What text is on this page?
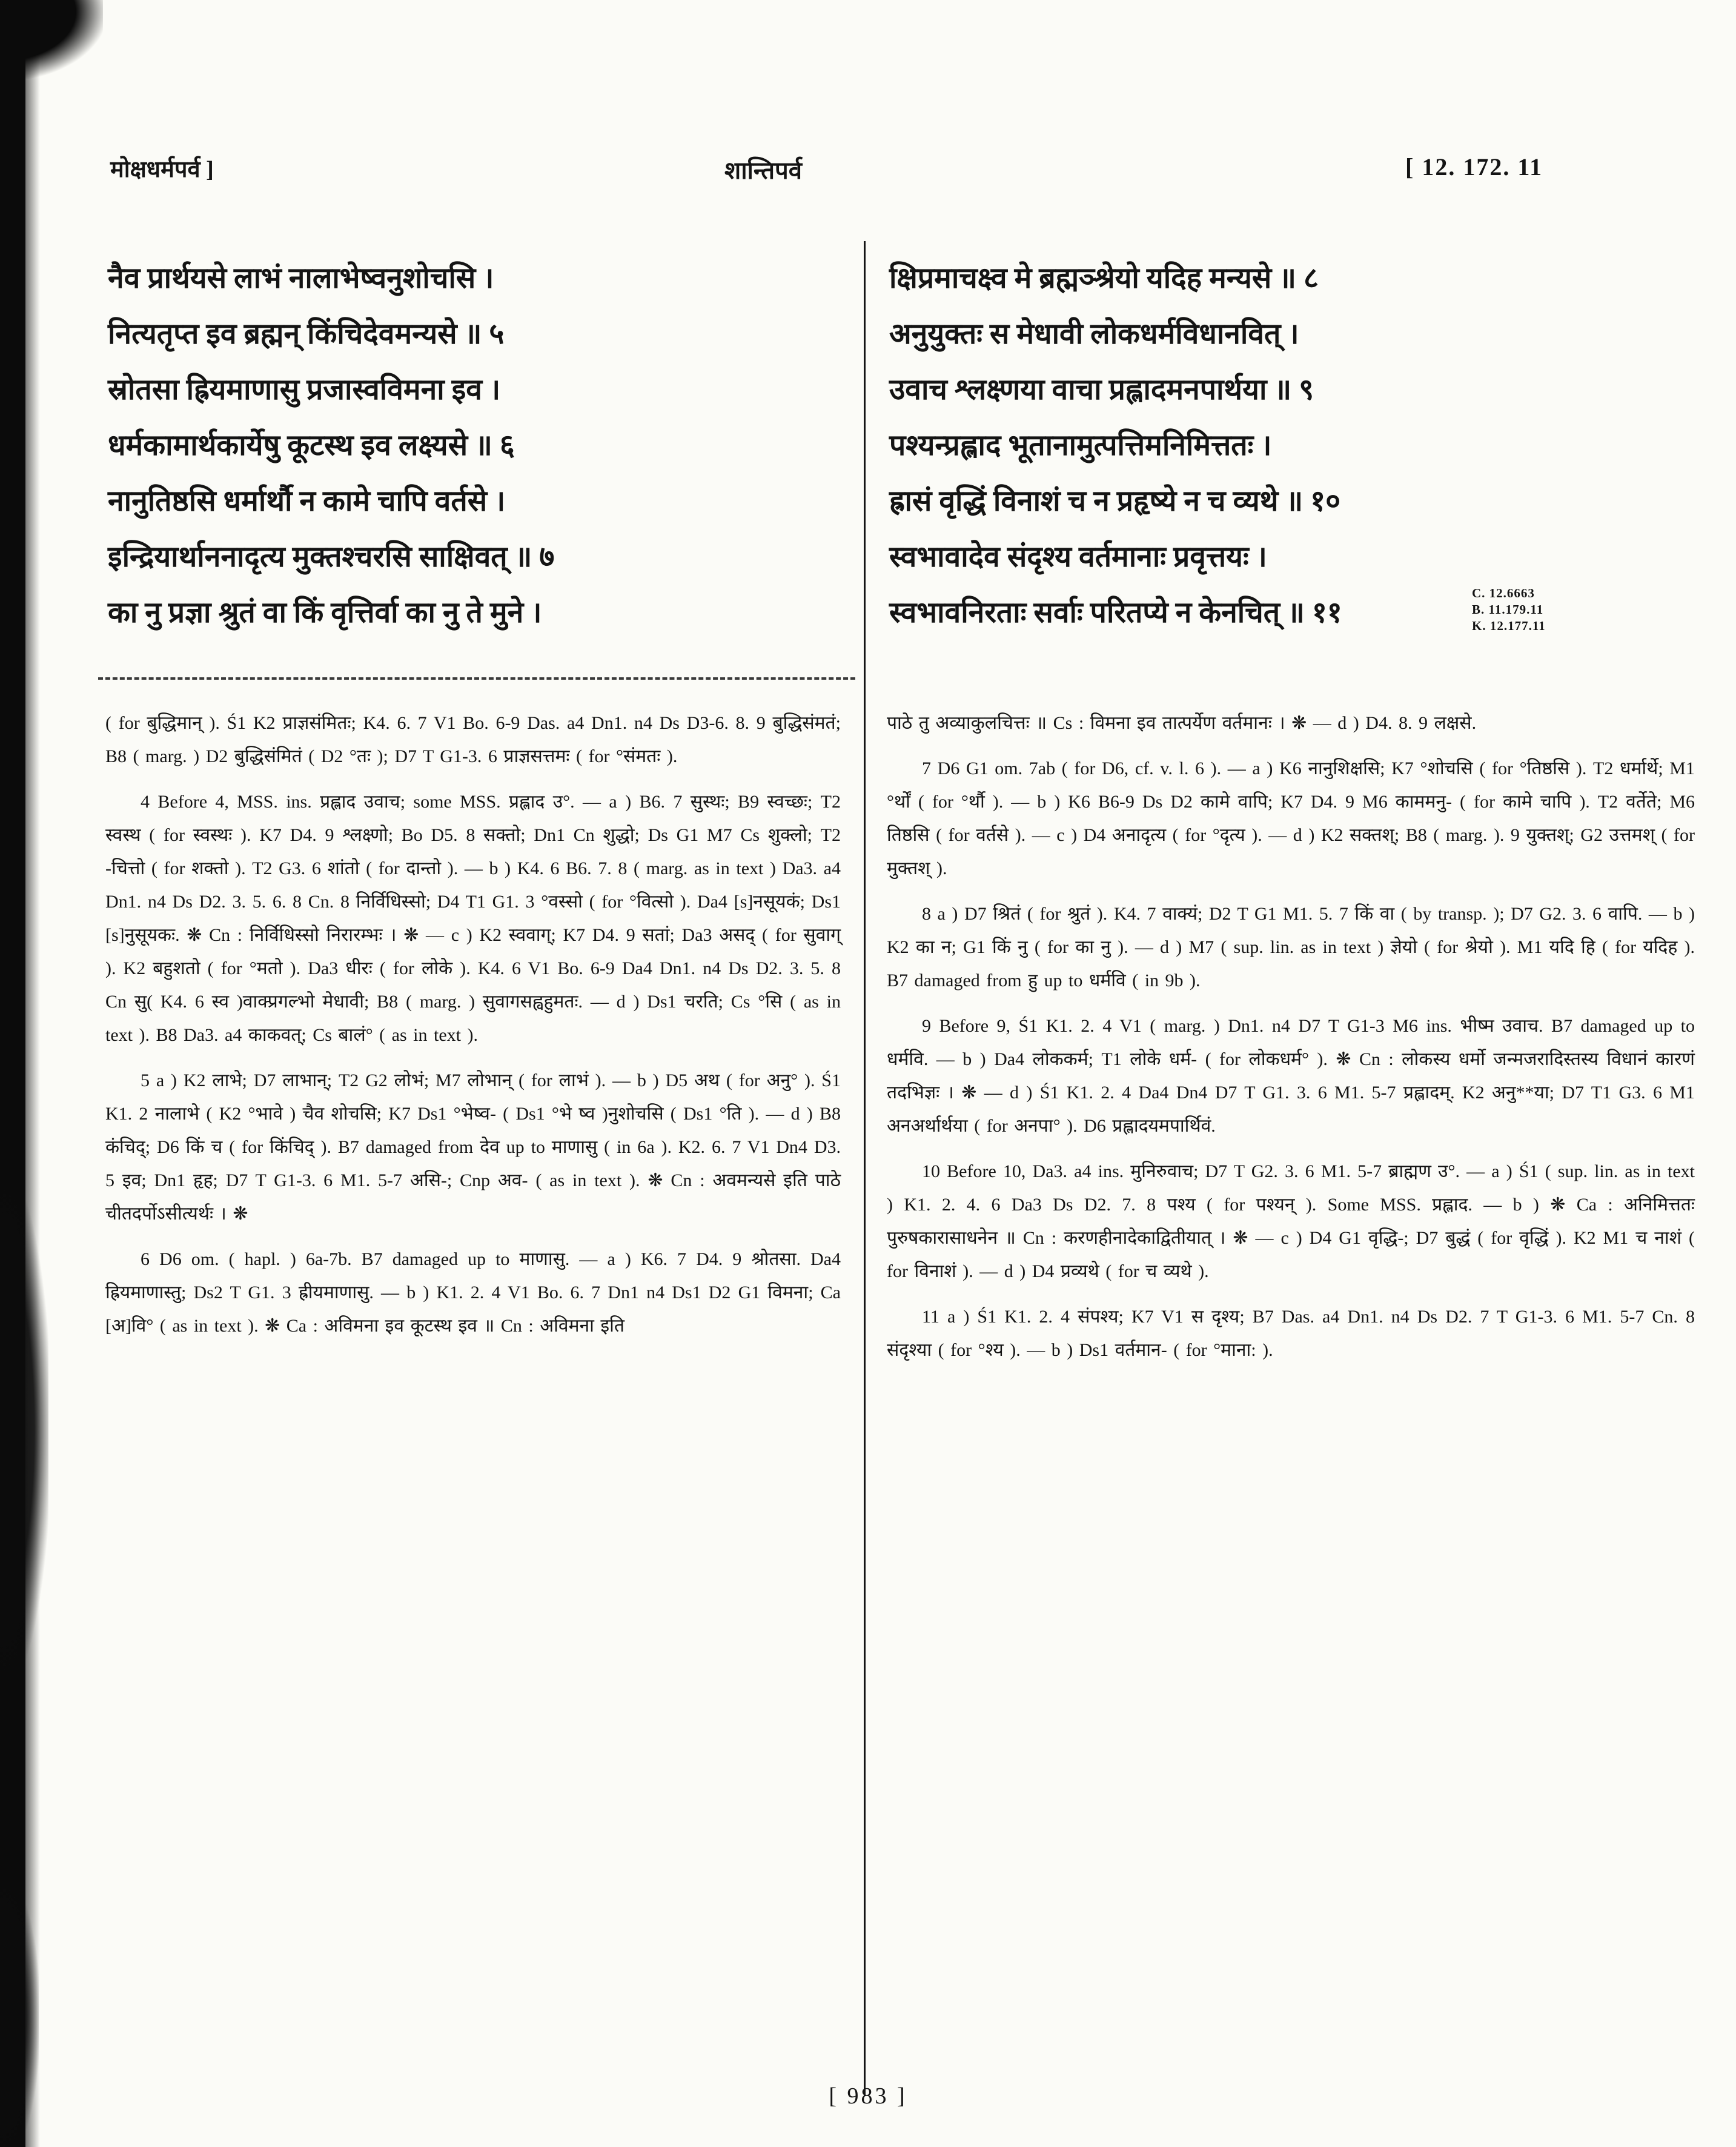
मोक्षधर्मपर्व ]	शान्तिपर्व	[ 12. 172. 11
नैव प्रार्थयसे लाभं नालाभेष्वनुशोचसि ।
नित्यतृप्त इव ब्रह्मन् किंचिदेवमन्यसे ॥ ५
स्रोतसा ह्रियमाणासु प्रजास्वविमना इव ।
धर्मकामार्थकार्येषु कूटस्थ इव लक्ष्यसे ॥ ६
नानुतिष्ठसि धर्मार्थौ न कामे चापि वर्तसे ।
इन्द्रियार्थाननादृत्य मुक्तश्चरसि साक्षिवत् ॥ ७
का नु प्रज्ञा श्रुतं वा किं वृत्तिर्वा का नु ते मुने ।
क्षिप्रमाचक्ष्व मे ब्रह्मञ्श्रेयो यदिह मन्यसे ॥ ८
अनुयुक्तः स मेधावी लोकधर्मविधानवित् ।
उवाच श्लक्ष्णया वाचा प्रह्लादमनपार्थया ॥ ९
पश्यन्प्रह्लाद भूतानामुत्पत्तिमनिमित्ततः ।
ह्रासं वृद्धिं विनाशं च न प्रहृष्ये न च व्यथे ॥ १०
स्वभावादेव संदृश्य वर्तमानाः प्रवृत्तयः ।
स्वभावनिरताः सर्वाः परितप्ये न केनचित् ॥ ११
C. 12.6663
B. 11.179.11
K. 12.177.11

( for बुद्धिमान् ). Ś1 K2 प्राज्ञसंमितः; K4. 6. 7 V1 Bo. 6-9 Das. a4 Dn1. n4 Ds D3-6. 8. 9 बुद्धिसंमतं; B8 ( marg. ) D2 बुद्धिसंमितं ( D2 °तः ); D7 T G1-3. 6 प्राज्ञसत्तमः ( for °संमतः ).

4 Before 4, MSS. ins. प्रह्लाद उवाच; some MSS. प्रह्लाद उ°. — a ) B6. 7 सुस्थः; B9 स्वच्छः; T2 स्वस्थ ( for स्वस्थः ). K7 D4. 9 श्लक्ष्णो; Bo D5. 8 सक्तो; Dn1 Cn शुद्धो; Ds G1 M7 Cs शुक्लो; T2 -चित्तो ( for शक्तो ). T2 G3. 6 शांतो ( for दान्तो ). — b ) K4. 6 B6. 7. 8 ( marg. as in text ) Da3. a4 Dn1. n4 Ds D2. 3. 5. 6. 8 Cn. 8 निर्विधिस्सो; D4 T1 G1. 3 °वस्सो ( for °वित्सो ). Da4 [s]नसूयकं; Ds1 [s]नुसूयकः. ❋ Cn : निर्विधिस्सो निरारम्भः । ❋ — c ) K2 स्ववाग्; K7 D4. 9 सतां; Da3 असद् ( for सुवाग् ). K2 बहुशतो ( for °मतो ). Da3 धीरः ( for लोके ). K4. 6 V1 Bo. 6-9 Da4 Dn1. n4 Ds D2. 3. 5. 8 Cn सु( K4. 6 स्व )वाक्प्रगल्भो मेधावी; B8 ( marg. ) सुवागसह्वहुमतः. — d ) Ds1 चरति; Cs °सि ( as in text ). B8 Da3. a4 काकवत्; Cs बालं° ( as in text ).

5 a ) K2 लाभे; D7 लाभान्; T2 G2 लोभं; M7 लोभान् ( for लाभं ). — b ) D5 अथ ( for अनु° ). Ś1 K1. 2 नालाभे ( K2 °भावे ) चैव शोचसि; K7 Ds1 °भेष्व- ( Ds1 °भे ष्व )नुशोचसि ( Ds1 °ति ). — d ) B8 कंचिद्; D6 किं च ( for किंचिद् ). B7 damaged from देव up to माणासु ( in 6a ). K2. 6. 7 V1 Dn4 D3. 5 इव; Dn1 हृह; D7 T G1-3. 6 M1. 5-7 असि-; Cnp अव- ( as in text ). ❋ Cn : अवमन्यसे इति पाठे चीतदर्पोऽसीत्यर्थः । ❋

6 D6 om. ( hapl. ) 6a-7b. B7 damaged up to माणासु. — a ) K6. 7 D4. 9 श्रोतसा. Da4 ह्रियमाणास्तु; Ds2 T G1. 3 ह्रीयमाणासु. — b ) K1. 2. 4 V1 Bo. 6. 7 Dn1 n4 Ds1 D2 G1 विमना; Ca [अ]वि° ( as in text ). ❋ Ca : अविमना इव कूटस्थ इव ॥ Cn : अविमना इति

पाठे तु अव्याकुलचित्तः ॥ Cs : विमना इव तात्पर्येण वर्तमानः । ❋ — d ) D4. 8. 9 लक्षसे.

7 D6 G1 om. 7ab ( for D6, cf. v. l. 6 ). — a ) K6 नानुशिक्षसि; K7 °शोचसि ( for °तिष्ठसि ). T2 धर्मार्थे; M1 °र्थों ( for °र्थौ ). — b ) K6 B6-9 Ds D2 कामे वापि; K7 D4. 9 M6 काममनु- ( for कामे चापि ). T2 वर्तेते; M6 तिष्ठसि ( for वर्तसे ). — c ) D4 अनादृत्य ( for °दृत्य ). — d ) K2 सक्तश्; B8 ( marg. ). 9 युक्तश्; G2 उत्तमश् ( for मुक्तश् ).

8 a ) D7 श्रितं ( for श्रुतं ). K4. 7 वाक्यं; D2 T G1 M1. 5. 7 किं वा ( by transp. ); D7 G2. 3. 6 वापि. — b ) K2 का न; G1 किं नु ( for का नु ). — d ) M7 ( sup. lin. as in text ) ज्ञेयो ( for श्रेयो ). M1 यदि हि ( for यदिह ). B7 damaged from हु up to धर्मवि ( in 9b ).

9 Before 9, Ś1 K1. 2. 4 V1 ( marg. ) Dn1. n4 D7 T G1-3 M6 ins. भीष्म उवाच. B7 damaged up to धर्मवि. — b ) Da4 लोककर्म; T1 लोके धर्म- ( for लोकधर्म° ). ❋ Cn : लोकस्य धर्मो जन्मजरादिस्तस्य विधानं कारणं तदभिज्ञः । ❋ — d ) Ś1 K1. 2. 4 Da4 Dn4 D7 T G1. 3. 6 M1. 5-7 प्रह्लादम्. K2 अनु**या; D7 T1 G3. 6 M1 अनअर्थार्थया ( for अनपा° ). D6 प्रह्लादयमपार्थिवं.

10 Before 10, Da3. a4 ins. मुनिरुवाच; D7 T G2. 3. 6 M1. 5-7 ब्राह्मण उ°. — a ) Ś1 ( sup. lin. as in text ) K1. 2. 4. 6 Da3 Ds D2. 7. 8 पश्य ( for पश्यन् ). Some MSS. प्रह्लाद. — b ) ❋ Ca : अनिमित्ततः पुरुषकारासाधनेन ॥ Cn : करणहीनादेकाद्वितीयात् । ❋ — c ) D4 G1 वृद्धि-; D7 बुद्धं ( for वृद्धिं ). K2 M1 च नाशं ( for विनाशं ). — d ) D4 प्रव्यथे ( for च व्यथे ).

11 a ) Ś1 K1. 2. 4 संपश्य; K7 V1 स दृश्य; B7 Das. a4 Dn1. n4 Ds D2. 7 T G1-3. 6 M1. 5-7 Cn. 8 संदृश्या ( for °श्य ). — b ) Ds1 वर्तमान- ( for °माना: ).

[ 983 ]
